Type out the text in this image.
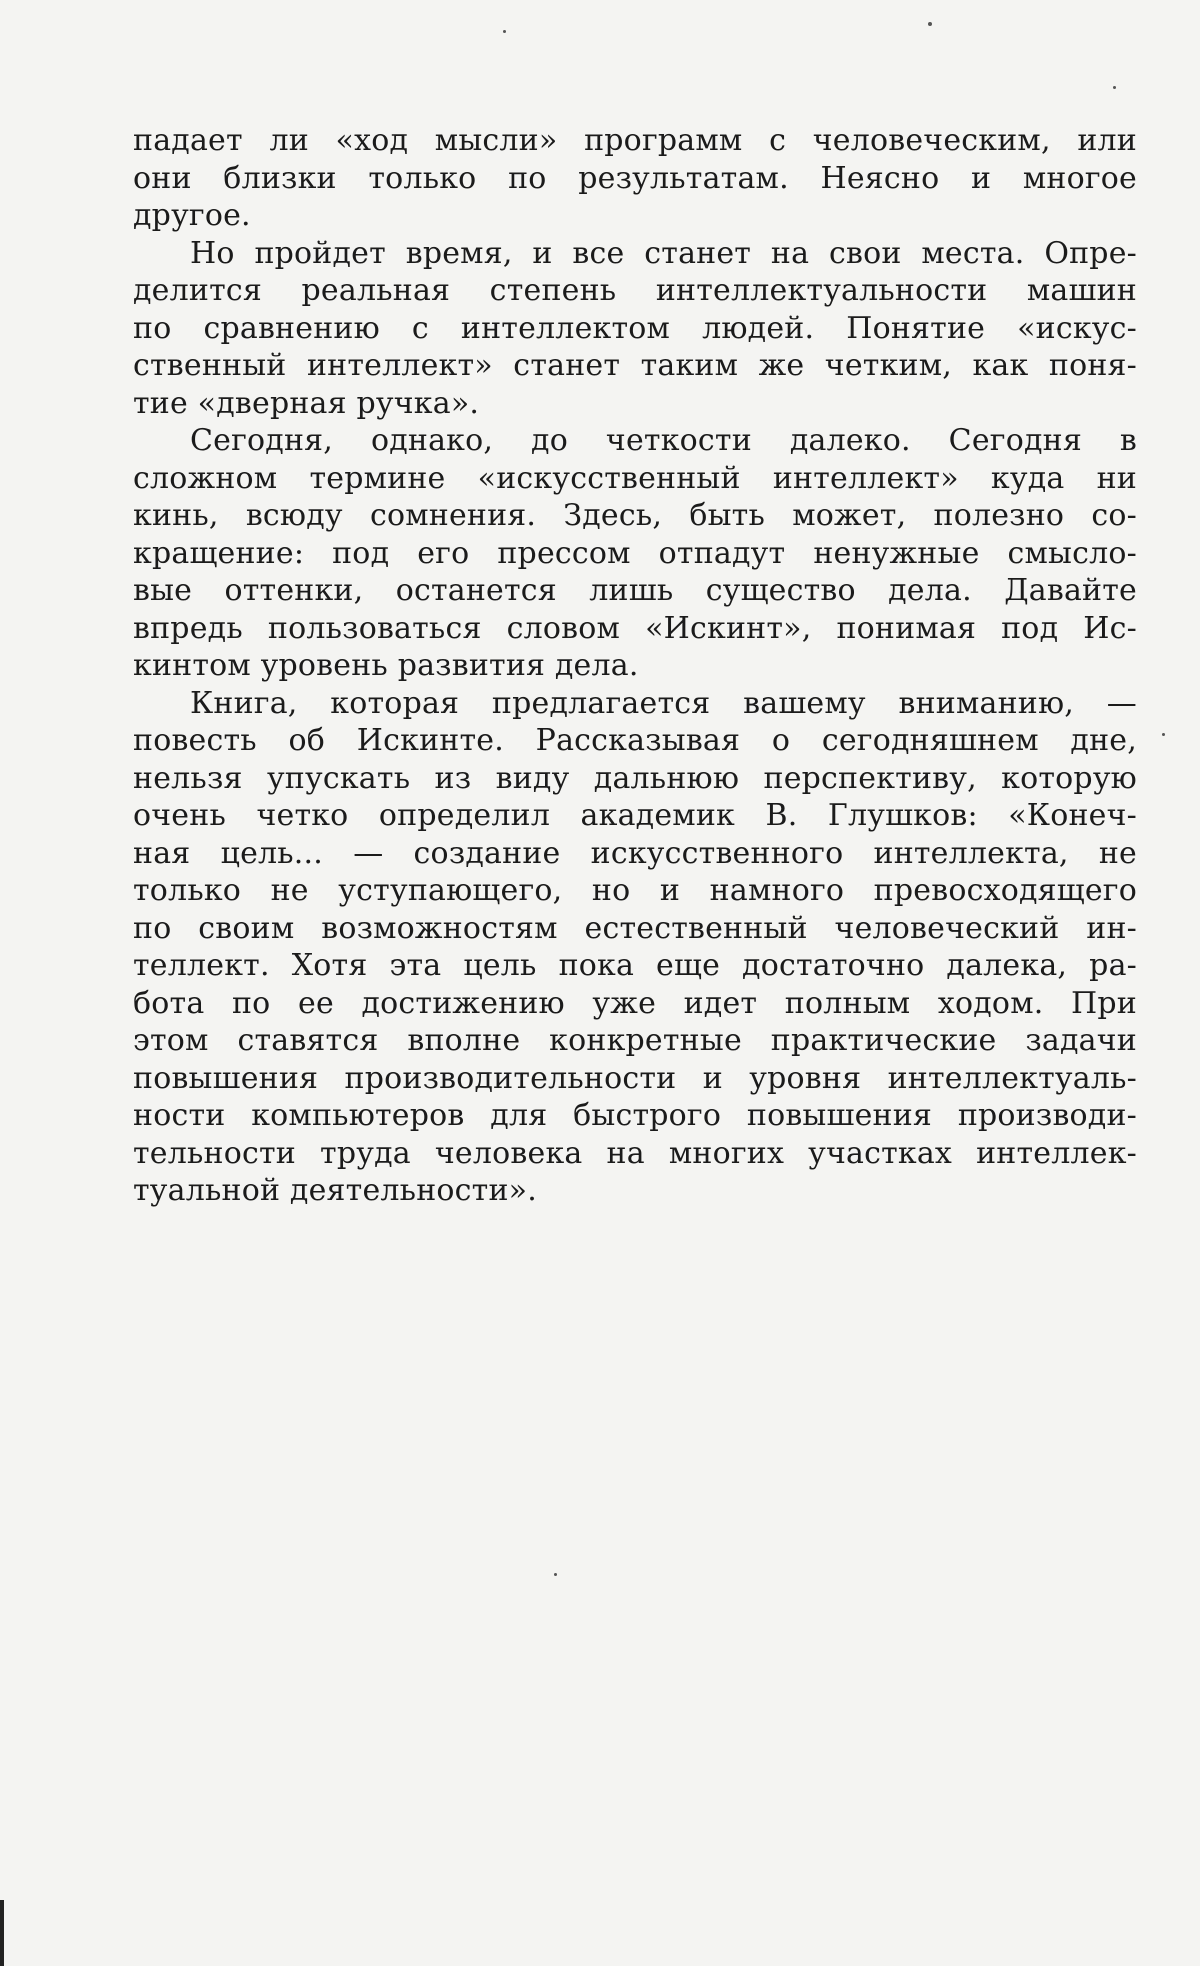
падает ли «ход мысли» программ с человеческим, или
они близки только по результатам. Неясно и многое
другое.
Но пройдет время, и все станет на свои места. Опре-
делится реальная степень интеллектуальности машин
по сравнению с интеллектом людей. Понятие «искус-
ственный интеллект» станет таким же четким, как поня-
тие «дверная ручка».
Сегодня, однако, до четкости далеко. Сегодня в
сложном термине «искусственный интеллект» куда ни
кинь, всюду сомнения. Здесь, быть может, полезно со-
кращение: под его прессом отпадут ненужные смысло-
вые оттенки, останется лишь существо дела. Давайте
впредь пользоваться словом «Искинт», понимая под Ис-
кинтом уровень развития дела.
Книга, которая предлагается вашему вниманию, —
повесть об Искинте. Рассказывая о сегодняшнем дне,
нельзя упускать из виду дальнюю перспективу, которую
очень четко определил академик В. Глушков: «Конеч-
ная цель... — создание искусственного интеллекта, не
только не уступающего, но и намного превосходящего
по своим возможностям естественный человеческий ин-
теллект. Хотя эта цель пока еще достаточно далека, ра-
бота по ее достижению уже идет полным ходом. При
этом ставятся вполне конкретные практические задачи
повышения производительности и уровня интеллектуаль-
ности компьютеров для быстрого повышения производи-
тельности труда человека на многих участках интеллек-
туальной деятельности».
